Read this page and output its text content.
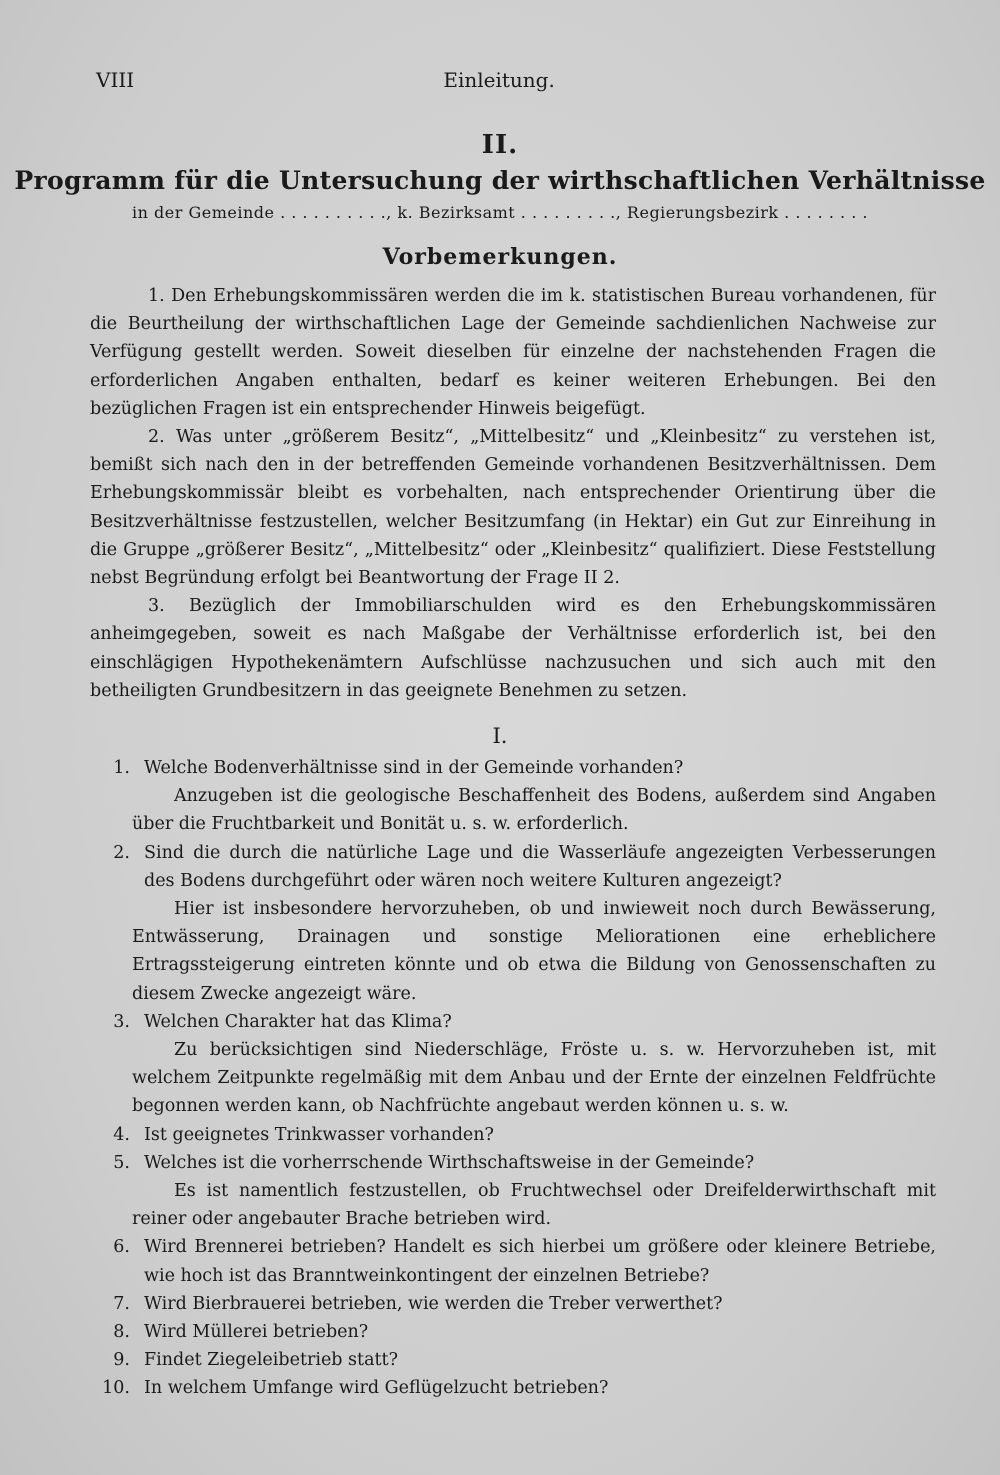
VIII	Einleitung.
II.
Programm für die Untersuchung der wirthschaftlichen Verhältnisse
in der Gemeinde . . . . . . . . . ., k. Bezirksamt . . . . . . . . ., Regierungsbezirk . . . . . . . .
Vorbemerkungen.

1. Den Erhebungskommissären werden die im k. statistischen Bureau vorhandenen, für die Beurtheilung der wirthschaftlichen Lage der Gemeinde sachdienlichen Nachweise zur Verfügung gestellt werden. Soweit dieselben für einzelne der nachstehenden Fragen die erforderlichen Angaben enthalten, bedarf es keiner weiteren Erhebungen. Bei den bezüglichen Fragen ist ein entsprechender Hinweis beigefügt.

2. Was unter „größerem Besitz“, „Mittelbesitz“ und „Kleinbesitz“ zu verstehen ist, bemißt sich nach den in der betreffenden Gemeinde vorhandenen Besitzverhältnissen. Dem Erhebungskommissär bleibt es vorbehalten, nach entsprechender Orientirung über die Besitzverhältnisse festzustellen, welcher Besitzumfang (in Hektar) ein Gut zur Einreihung in die Gruppe „größerer Besitz“, „Mittelbesitz“ oder „Kleinbesitz“ qualifiziert. Diese Feststellung nebst Begründung erfolgt bei Beantwortung der Frage II 2.

3. Bezüglich der Immobiliarschulden wird es den Erhebungskommissären anheimgegeben, soweit es nach Maßgabe der Verhältnisse erforderlich ist, bei den einschlägigen Hypothekenämtern Aufschlüsse nachzusuchen und sich auch mit den betheiligten Grundbesitzern in das geeignete Benehmen zu setzen.

I.
1. Welche Bodenverhältnisse sind in der Gemeinde vorhanden?

Anzugeben ist die geologische Beschaffenheit des Bodens, außerdem sind Angaben über die Fruchtbarkeit und Bonität u. s. w. erforderlich.

2. Sind die durch die natürliche Lage und die Wasserläufe angezeigten Verbesserungen des Bodens durchgeführt oder wären noch weitere Kulturen angezeigt?

Hier ist insbesondere hervorzuheben, ob und inwieweit noch durch Bewässerung, Entwässerung, Drainagen und sonstige Meliorationen eine erheblichere Ertragssteigerung eintreten könnte und ob etwa die Bildung von Genossenschaften zu diesem Zwecke angezeigt wäre.

3. Welchen Charakter hat das Klima?

Zu berücksichtigen sind Niederschläge, Fröste u. s. w. Hervorzuheben ist, mit welchem Zeitpunkte regelmäßig mit dem Anbau und der Ernte der einzelnen Feldfrüchte begonnen werden kann, ob Nachfrüchte angebaut werden können u. s. w.

4. Ist geeignetes Trinkwasser vorhanden?
5. Welches ist die vorherrschende Wirthschaftsweise in der Gemeinde?

Es ist namentlich festzustellen, ob Fruchtwechsel oder Dreifelderwirthschaft mit reiner oder angebauter Brache betrieben wird.

6. Wird Brennerei betrieben? Handelt es sich hierbei um größere oder kleinere Betriebe, wie hoch ist das Branntweinkontingent der einzelnen Betriebe?
7. Wird Bierbrauerei betrieben, wie werden die Treber verwerthet?
8. Wird Müllerei betrieben?
9. Findet Ziegeleibetrieb statt?
10. In welchem Umfange wird Geflügelzucht betrieben?
